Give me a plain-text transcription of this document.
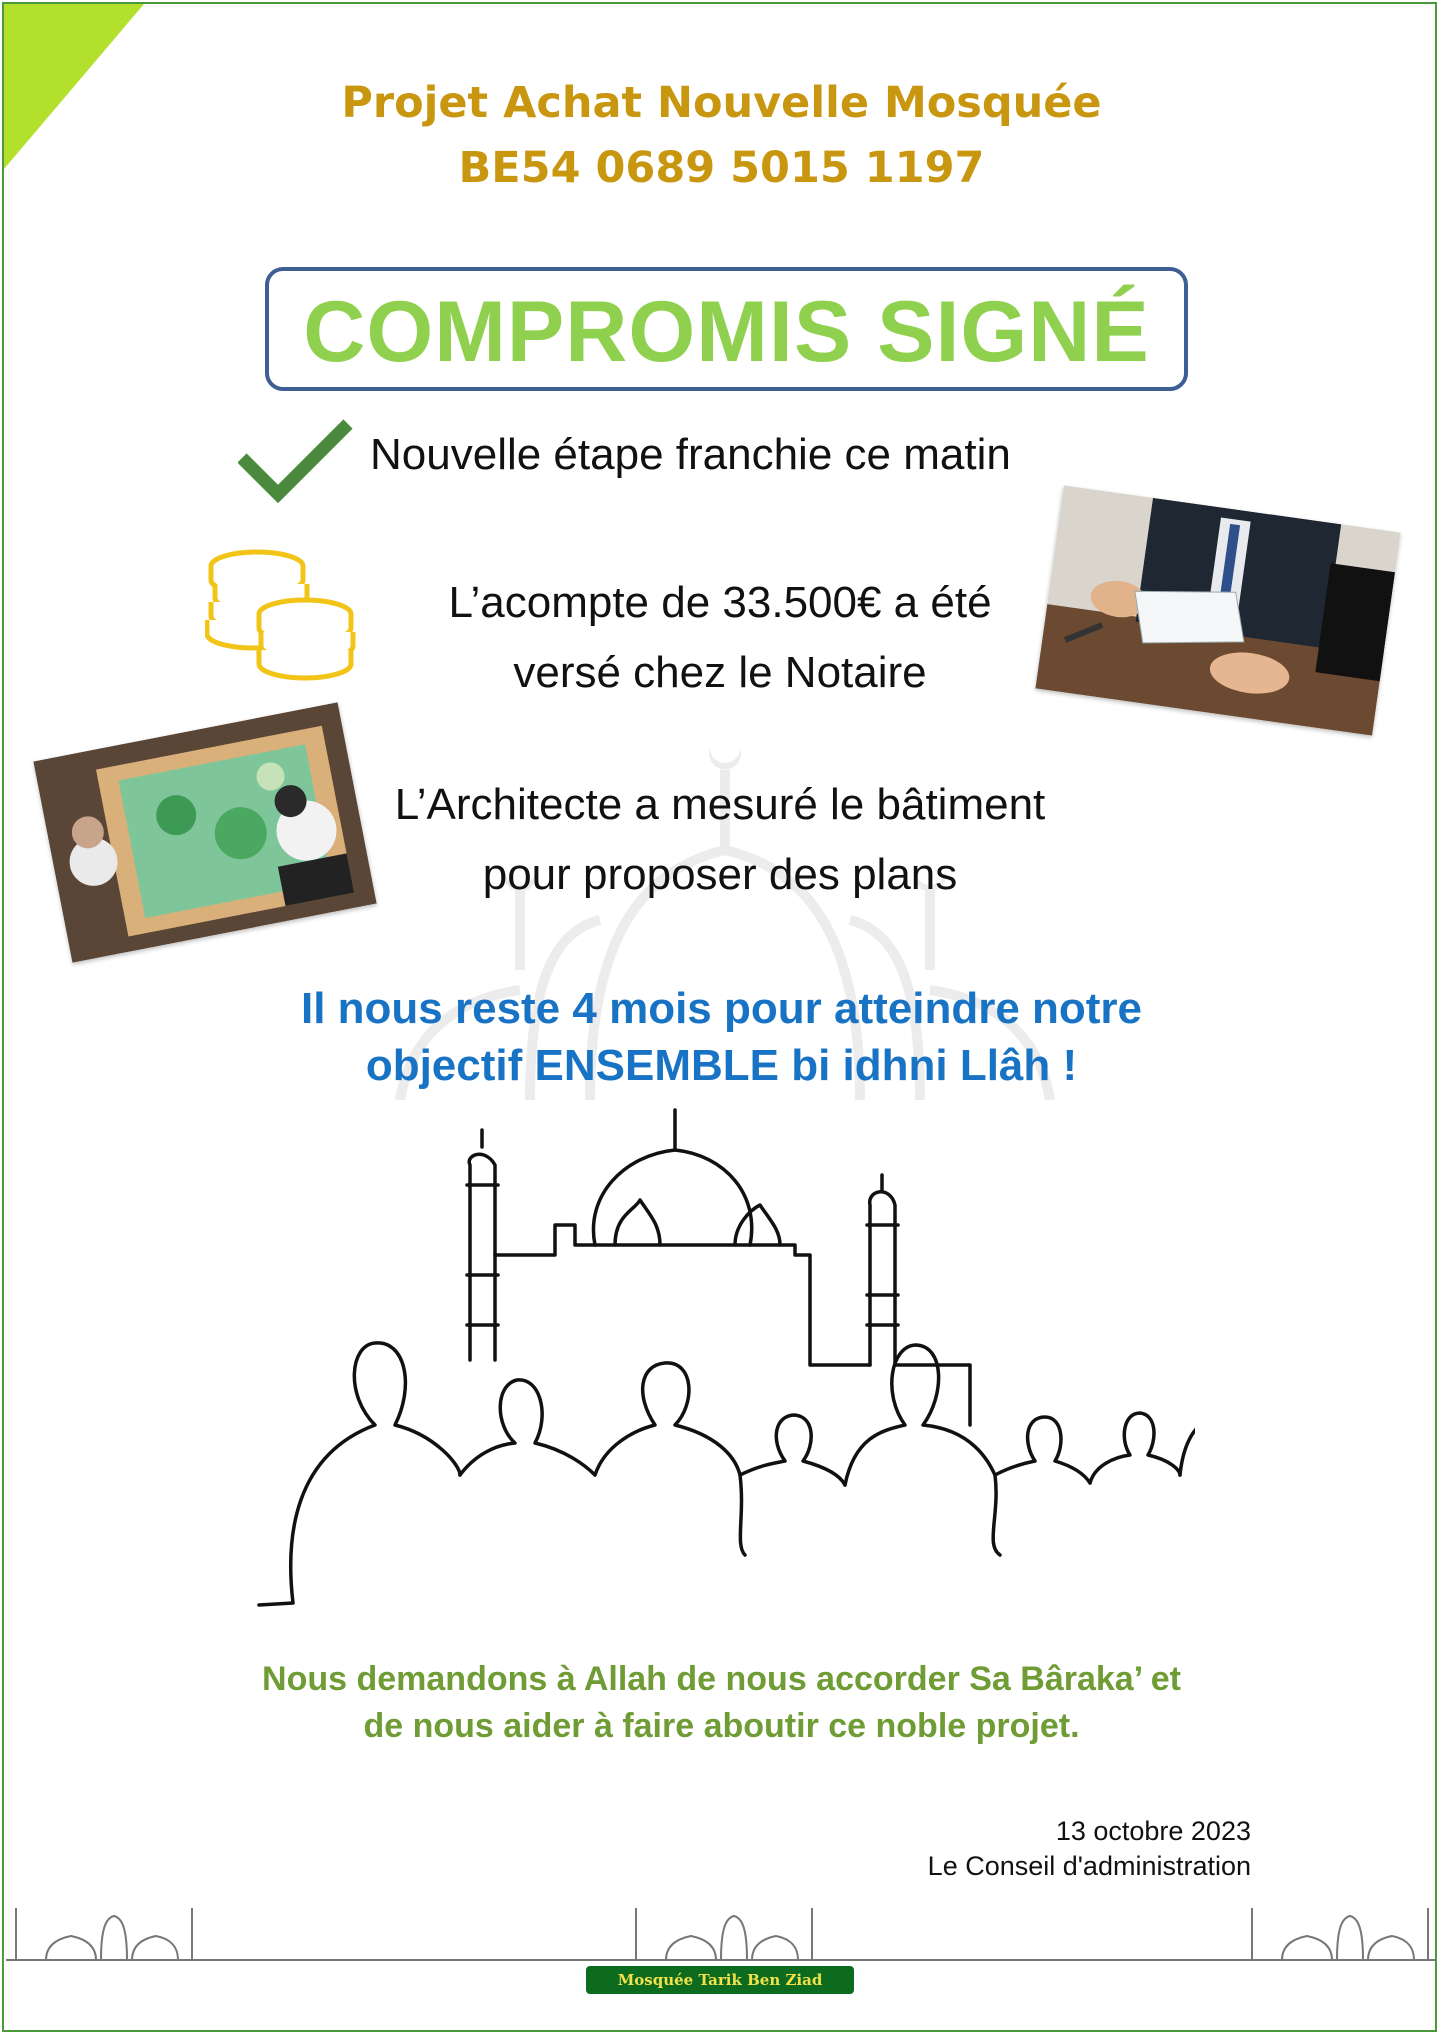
Projet Achat Nouvelle Mosquée
BE54 0689 5015 1197
COMPROMIS SIGNÉ
Nouvelle étape franchie ce matin
L’acompte de 33.500€ a été
versé chez le Notaire
L’Architecte a mesuré le bâtiment
pour proposer des plans
Il nous reste 4 mois pour atteindre notre
objectif ENSEMBLE bi idhni Llâh !
Nous demandons à Allah de nous accorder Sa Bâraka’ et
de nous aider à faire aboutir ce noble projet.
13 octobre 2023
Le Conseil d'administration
Mosquée Tarik Ben Ziad
